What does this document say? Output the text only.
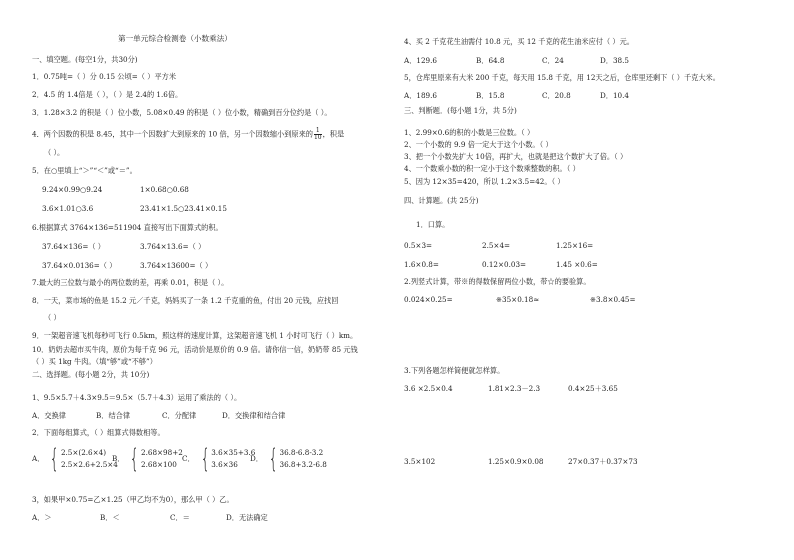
第一单元综合检测卷（小数乘法）
一、填空题。(每空1分，共30分)
1．0.75吨=（ ）分 0.15 公顷=（ ）平方米
2．4.5 的 1.4倍是（ ），（ ）是 2.4的 1.6倍。
3．1.28×3.2 的积是（ ）位小数，5.08×0.49 的积是（ ）位小数，精确到百分位约是（ ）。
4．两个因数的积是 8.45，其中一个因数扩大到原来的 10 倍，另一个因数缩小到原来的 $\frac{1}{10}$ ，积是
（ ）。
5．在○里填上“＞”“＜”或“＝”。
9.24×0.99○9.24	1×0.68○0.68
3.6×1.01○3.6	23.41×1.5○23.41×0.15
6.根据算式 3764×136=511904 直接写出下面算式的积。
37.64×136=（ ）	3.764×13.6=（ ）
37.64×0.0136=（ ）	3.764×13600=（ ）
7.最大的三位数与最小的两位数的差，再乘 0.01，积是（ ）。
8．一天，菜市场的鱼是 15.2 元／千克，妈妈买了一条 1.2 千克重的鱼，付出 20 元钱，应找回
（ ）
9．一架超音速飞机每秒可飞行 0.5km，照这样的速度计算，这架超音速飞机 1 小时可飞行（ ）km。
10．奶奶去超市买牛肉，原价为每千克 96 元，活动价是原价的 0.9 倍。请你信一信，奶奶带 85 元钱
（ ）买 1kg 牛肉。（填“够”或“不够”）
二、选择题。(每小题 2分，共 10分)
1、9.5×5.7＋4.3×9.5＝9.5×（5.7＋4.3）运用了乘法的（ ）。
A．交换律	B．结合律	C．分配律	D．交换律和结合律
2．下面每组算式，（ ）组算式得数相等。
A． { 2.5×(2.6×4)
2.5×2.6+2.5×4
B． { 2.68×98+2
2.68×100
C． { 3.6×35+3.6
3.6×36
D． { 36.8-6.8-3.2
36.8+3.2-6.8
3，如果甲×0.75=乙×1.25（甲乙均不为0），那么甲（ ）乙。
A．＞	B．＜	C．＝	D．无法确定
4、买 2 千克花生油需付 10.8 元，买 12 千克的花生油米应付（ ）元。
A．129.6	B．64.8	C．24	D．38.5
5，仓库里原来有大米 200 千克，每天用 15.8 千克，用 12天之后，仓库里还剩下（ ）千克大米。
A．189.6	B．15.8	C．20.8	D．10.4
三、判断题．(每小题 1分，共 5分)
1、2.99×0.6的积的小数是三位数。（ ）
2、一个小数的 9.9 倍一定大于这个小数。（ ）
3、把一个小数先扩大 10倍，再扩大，也就是把这个数扩大了倍。（ ）
4、一个数乘小数的积一定小于这个数乘整数的积。（ ）
5、因为 12×35=420，所以 1.2×3.5=42。（ ）
四、计算题。(共 25分)
1．口算。
0.5×3=	2.5×4=	1.25×16=
1.6×0.8=	0.12×0.03=	1.45 ×0.6=
2.列竖式计算，带※的得数保留两位小数，带☆的要验算。
0.024×0.25=	※35×0.18≈	※3.8×0.45=
3.下列各题怎样简便就怎样算。
3.6 ×2.5×0.4	1.81×2.3－2.3	0.4×25＋3.65
3.5×102	1.25×0.9×0.08	27×0.37＋0.37×73
